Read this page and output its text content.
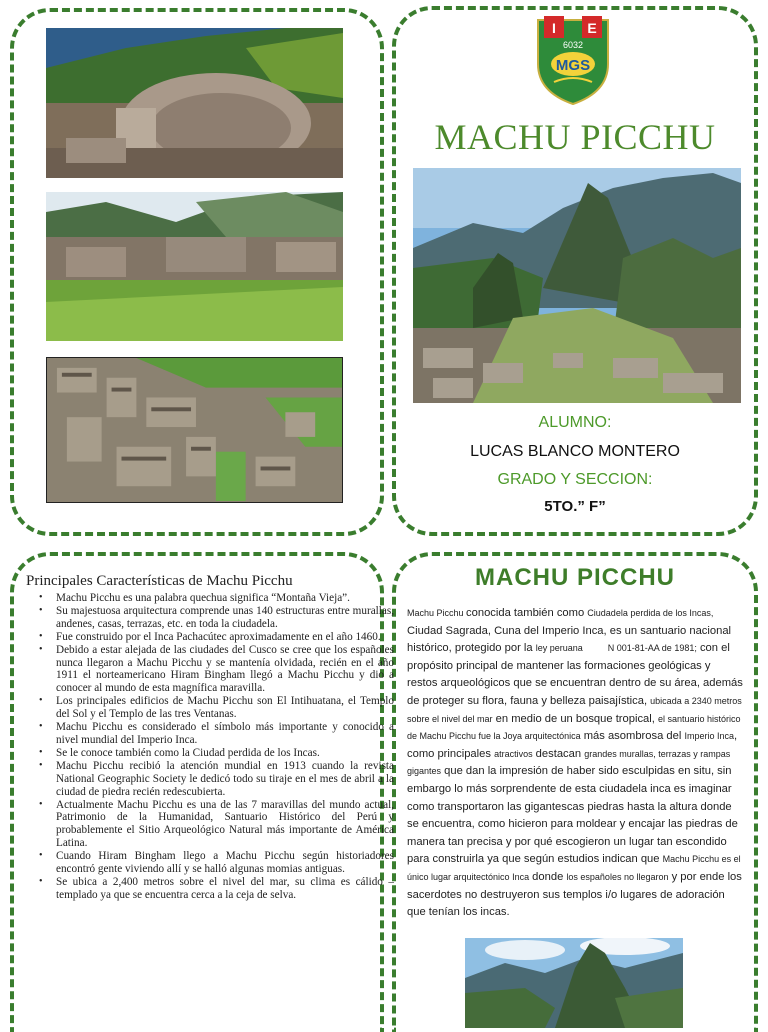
I E
6032
MGS
MACHU PICCHU
ALUMNO:
LUCAS BLANCO MONTERO
GRADO Y SECCION:
5TO.” F”
Principales Características de Machu Picchu
• Machu Picchu es una palabra quechua significa “Montaña Vieja”.
• Su majestuosa arquitectura comprende unas 140 estructuras entre murallas, andenes, casas, terrazas, etc. en toda la ciudadela.
• Fue construido por el Inca Pachacútec aproximadamente en el año 1460.
• Debido a estar alejada de las ciudades del Cusco se cree que los españoles nunca llegaron a Machu Picchu y se mantenía olvidada, recién en el año 1911 el norteamericano Hiram Bingham llegó a Machu Picchu y dio a conocer al mundo de esta magnífica maravilla.
• Los principales edificios de Machu Picchu son El Intihuatana, el Templo del Sol y el Templo de las tres Ventanas.
• Machu Picchu es considerado el símbolo más importante y conocido a nivel mundial del Imperio Inca.
• Se le conoce también como la Ciudad perdida de los Incas.
• Machu Picchu recibió la atención mundial en 1913 cuando la revista National Geographic Society le dedicó todo su tiraje en el mes de abril a la ciudad de piedra recién redescubierta.
• Actualmente Machu Picchu es una de las 7 maravillas del mundo actual, Patrimonio de la Humanidad, Santuario Histórico del Perú y probablemente el Sitio Arqueológico Natural más importante de América Latina.
• Cuando Hiram Bingham llego a Machu Picchu según historiadores encontró gente viviendo allí y se halló algunas momias antiguas.
• Se ubica a 2,400 metros sobre el nivel del mar, su clima es cálido – templado ya que se encuentra cerca a la ceja de selva.
MACHU PICCHU
Machu Picchu conocida también como Ciudadela perdida de los Incas, Ciudad Sagrada, Cuna del Imperio Inca, es un santuario nacional histórico, protegido por la ley peruana          N 001-81-AA de 1981; con el propósito principal de mantener las formaciones geológicas y restos arqueológicos que se encuentran dentro de su área, además de proteger su flora, fauna y belleza paisajística, ubicada a 2340 metros sobre el nivel del mar en medio de un bosque tropical, el santuario histórico de Machu Picchu fue la Joya arquitectónica más asombrosa del Imperio Inca, como principales atractivos destacan grandes murallas, terrazas y rampas gigantes que dan la impresión de haber sido esculpidas en situ, sin embargo lo más sorprendente de esta ciudadela inca es imaginar como transportaron las gigantescas piedras hasta la altura donde se encuentra, como hicieron para moldear y encajar las piedras de manera tan precisa y por qué escogieron un lugar tan escondido para construirla ya que según estudios indican que Machu Picchu es el único lugar arquitectónico Inca donde los españoles no llegaron y por ende los sacerdotes no destruyeron sus templos i/o lugares de adoración que tenían los incas.
